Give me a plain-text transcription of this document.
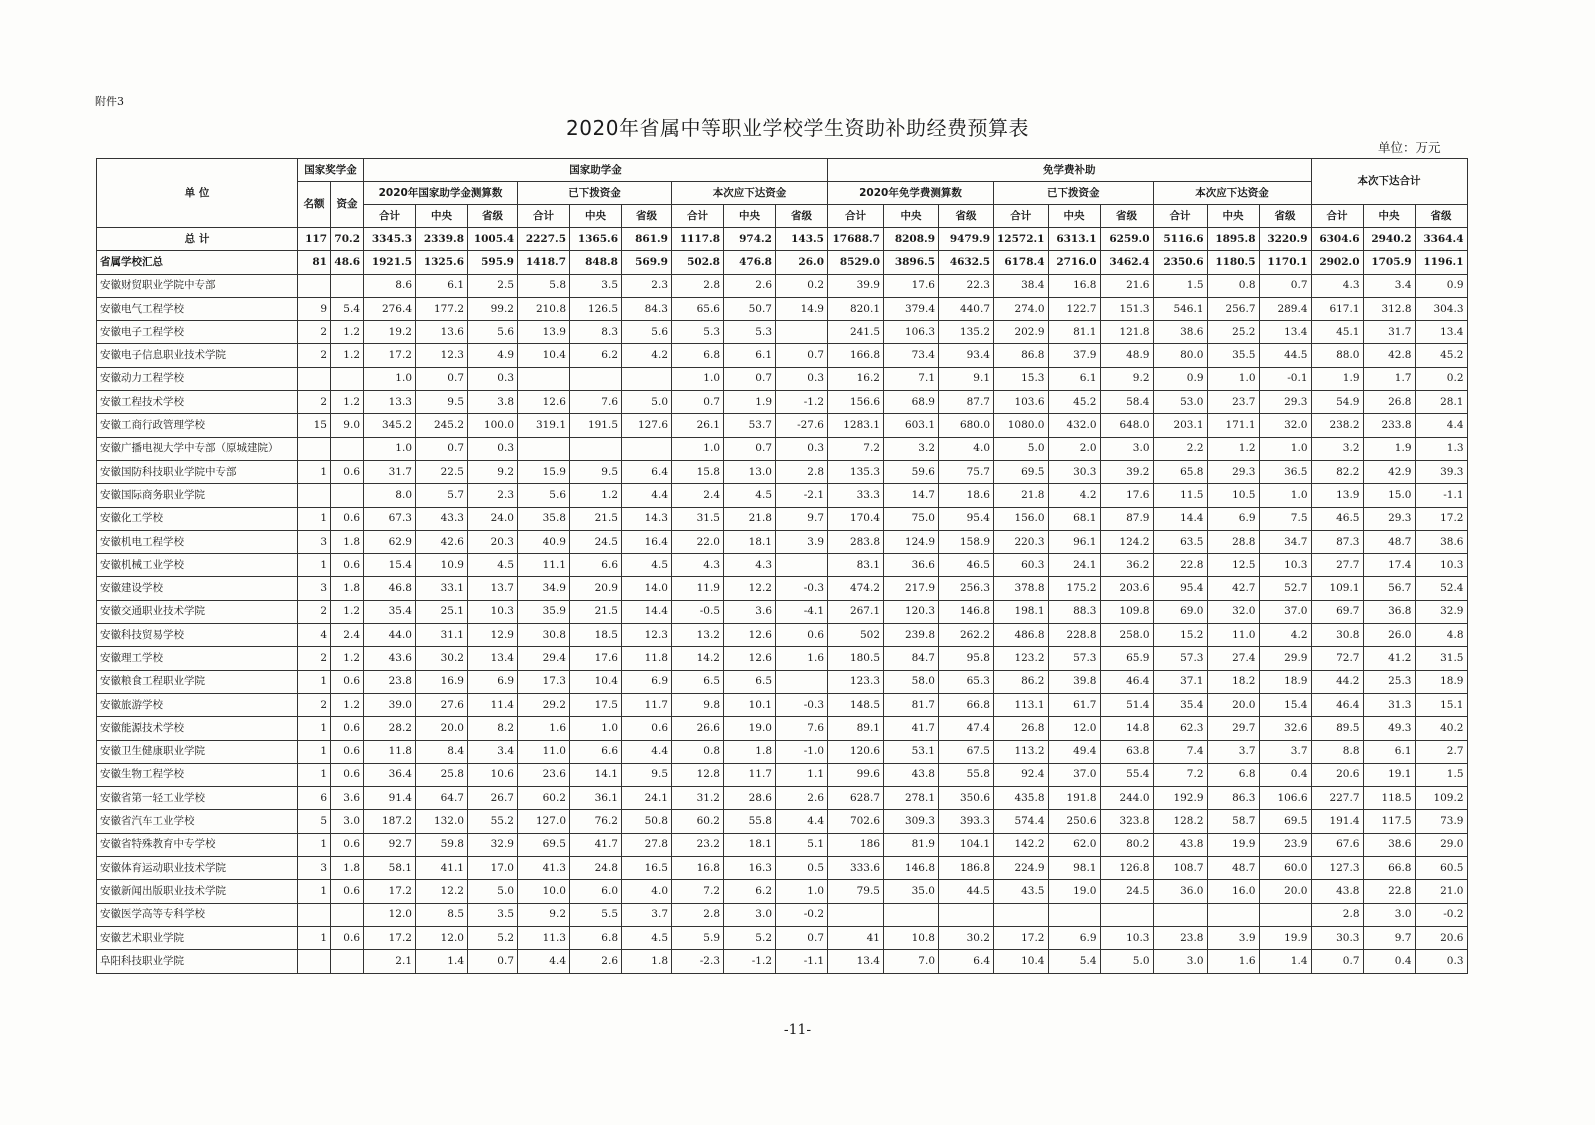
附件3
2020年省属中等职业学校学生资助补助经费预算表
单位：万元
单 位	国家奖学金		国家助学金									免学费补助									本次下达合计		
	名额	资金	2020年国家助学金测算数			已下拨资金			本次应下达资金			2020年免学费测算数			已下拨资金			本次应下达资金					
			合计	中央	省级	合计	中央	省级	合计	中央	省级	合计	中央	省级	合计	中央	省级	合计	中央	省级	合计	中央	省级
总 计	117	70.2	3345.3	2339.8	1005.4	2227.5	1365.6	861.9	1117.8	974.2	143.5	17688.7	8208.9	9479.9	12572.1	6313.1	6259.0	5116.6	1895.8	3220.9	6304.6	2940.2	3364.4
省属学校汇总	81	48.6	1921.5	1325.6	595.9	1418.7	848.8	569.9	502.8	476.8	26.0	8529.0	3896.5	4632.5	6178.4	2716.0	3462.4	2350.6	1180.5	1170.1	2902.0	1705.9	1196.1
安徽财贸职业学院中专部			8.6	6.1	2.5	5.8	3.5	2.3	2.8	2.6	0.2	39.9	17.6	22.3	38.4	16.8	21.6	1.5	0.8	0.7	4.3	3.4	0.9
安徽电气工程学校	9	5.4	276.4	177.2	99.2	210.8	126.5	84.3	65.6	50.7	14.9	820.1	379.4	440.7	274.0	122.7	151.3	546.1	256.7	289.4	617.1	312.8	304.3
安徽电子工程学校	2	1.2	19.2	13.6	5.6	13.9	8.3	5.6	5.3	5.3		241.5	106.3	135.2	202.9	81.1	121.8	38.6	25.2	13.4	45.1	31.7	13.4
安徽电子信息职业技术学院	2	1.2	17.2	12.3	4.9	10.4	6.2	4.2	6.8	6.1	0.7	166.8	73.4	93.4	86.8	37.9	48.9	80.0	35.5	44.5	88.0	42.8	45.2
安徽动力工程学校			1.0	0.7	0.3				1.0	0.7	0.3	16.2	7.1	9.1	15.3	6.1	9.2	0.9	1.0	-0.1	1.9	1.7	0.2
安徽工程技术学校	2	1.2	13.3	9.5	3.8	12.6	7.6	5.0	0.7	1.9	-1.2	156.6	68.9	87.7	103.6	45.2	58.4	53.0	23.7	29.3	54.9	26.8	28.1
安徽工商行政管理学校	15	9.0	345.2	245.2	100.0	319.1	191.5	127.6	26.1	53.7	-27.6	1283.1	603.1	680.0	1080.0	432.0	648.0	203.1	171.1	32.0	238.2	233.8	4.4
安徽广播电视大学中专部（原城建院）			1.0	0.7	0.3				1.0	0.7	0.3	7.2	3.2	4.0	5.0	2.0	3.0	2.2	1.2	1.0	3.2	1.9	1.3
安徽国防科技职业学院中专部	1	0.6	31.7	22.5	9.2	15.9	9.5	6.4	15.8	13.0	2.8	135.3	59.6	75.7	69.5	30.3	39.2	65.8	29.3	36.5	82.2	42.9	39.3
安徽国际商务职业学院			8.0	5.7	2.3	5.6	1.2	4.4	2.4	4.5	-2.1	33.3	14.7	18.6	21.8	4.2	17.6	11.5	10.5	1.0	13.9	15.0	-1.1
安徽化工学校	1	0.6	67.3	43.3	24.0	35.8	21.5	14.3	31.5	21.8	9.7	170.4	75.0	95.4	156.0	68.1	87.9	14.4	6.9	7.5	46.5	29.3	17.2
安徽机电工程学校	3	1.8	62.9	42.6	20.3	40.9	24.5	16.4	22.0	18.1	3.9	283.8	124.9	158.9	220.3	96.1	124.2	63.5	28.8	34.7	87.3	48.7	38.6
安徽机械工业学校	1	0.6	15.4	10.9	4.5	11.1	6.6	4.5	4.3	4.3		83.1	36.6	46.5	60.3	24.1	36.2	22.8	12.5	10.3	27.7	17.4	10.3
安徽建设学校	3	1.8	46.8	33.1	13.7	34.9	20.9	14.0	11.9	12.2	-0.3	474.2	217.9	256.3	378.8	175.2	203.6	95.4	42.7	52.7	109.1	56.7	52.4
安徽交通职业技术学院	2	1.2	35.4	25.1	10.3	35.9	21.5	14.4	-0.5	3.6	-4.1	267.1	120.3	146.8	198.1	88.3	109.8	69.0	32.0	37.0	69.7	36.8	32.9
安徽科技贸易学校	4	2.4	44.0	31.1	12.9	30.8	18.5	12.3	13.2	12.6	0.6	502	239.8	262.2	486.8	228.8	258.0	15.2	11.0	4.2	30.8	26.0	4.8
安徽理工学校	2	1.2	43.6	30.2	13.4	29.4	17.6	11.8	14.2	12.6	1.6	180.5	84.7	95.8	123.2	57.3	65.9	57.3	27.4	29.9	72.7	41.2	31.5
安徽粮食工程职业学院	1	0.6	23.8	16.9	6.9	17.3	10.4	6.9	6.5	6.5		123.3	58.0	65.3	86.2	39.8	46.4	37.1	18.2	18.9	44.2	25.3	18.9
安徽旅游学校	2	1.2	39.0	27.6	11.4	29.2	17.5	11.7	9.8	10.1	-0.3	148.5	81.7	66.8	113.1	61.7	51.4	35.4	20.0	15.4	46.4	31.3	15.1
安徽能源技术学校	1	0.6	28.2	20.0	8.2	1.6	1.0	0.6	26.6	19.0	7.6	89.1	41.7	47.4	26.8	12.0	14.8	62.3	29.7	32.6	89.5	49.3	40.2
安徽卫生健康职业学院	1	0.6	11.8	8.4	3.4	11.0	6.6	4.4	0.8	1.8	-1.0	120.6	53.1	67.5	113.2	49.4	63.8	7.4	3.7	3.7	8.8	6.1	2.7
安徽生物工程学校	1	0.6	36.4	25.8	10.6	23.6	14.1	9.5	12.8	11.7	1.1	99.6	43.8	55.8	92.4	37.0	55.4	7.2	6.8	0.4	20.6	19.1	1.5
安徽省第一轻工业学校	6	3.6	91.4	64.7	26.7	60.2	36.1	24.1	31.2	28.6	2.6	628.7	278.1	350.6	435.8	191.8	244.0	192.9	86.3	106.6	227.7	118.5	109.2
安徽省汽车工业学校	5	3.0	187.2	132.0	55.2	127.0	76.2	50.8	60.2	55.8	4.4	702.6	309.3	393.3	574.4	250.6	323.8	128.2	58.7	69.5	191.4	117.5	73.9
安徽省特殊教育中专学校	1	0.6	92.7	59.8	32.9	69.5	41.7	27.8	23.2	18.1	5.1	186	81.9	104.1	142.2	62.0	80.2	43.8	19.9	23.9	67.6	38.6	29.0
安徽体育运动职业技术学院	3	1.8	58.1	41.1	17.0	41.3	24.8	16.5	16.8	16.3	0.5	333.6	146.8	186.8	224.9	98.1	126.8	108.7	48.7	60.0	127.3	66.8	60.5
安徽新闻出版职业技术学院	1	0.6	17.2	12.2	5.0	10.0	6.0	4.0	7.2	6.2	1.0	79.5	35.0	44.5	43.5	19.0	24.5	36.0	16.0	20.0	43.8	22.8	21.0
安徽医学高等专科学校			12.0	8.5	3.5	9.2	5.5	3.7	2.8	3.0	-0.2										2.8	3.0	-0.2
安徽艺术职业学院	1	0.6	17.2	12.0	5.2	11.3	6.8	4.5	5.9	5.2	0.7	41	10.8	30.2	17.2	6.9	10.3	23.8	3.9	19.9	30.3	9.7	20.6
阜阳科技职业学院			2.1	1.4	0.7	4.4	2.6	1.8	-2.3	-1.2	-1.1	13.4	7.0	6.4	10.4	5.4	5.0	3.0	1.6	1.4	0.7	0.4	0.3
-11-
